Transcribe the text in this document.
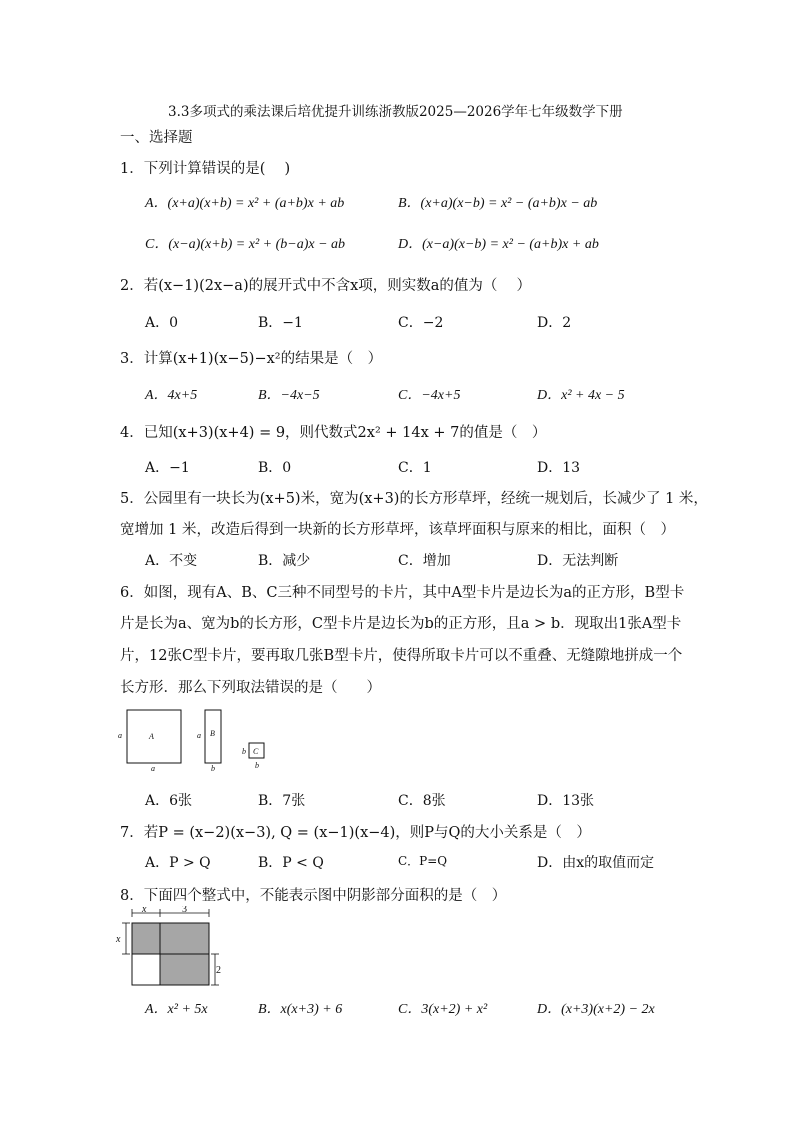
3.3多项式的乘法课后培优提升训练浙教版2025—2026学年七年级数学下册
一、选择题
1．下列计算错误的是(　 )
A．(x+a)(x+b) = x² + (a+b)x + ab	B．(x+a)(x−b) = x² − (a+b)x − ab
C．(x−a)(x+b) = x² + (b−a)x − ab	D．(x−a)(x−b) = x² − (a+b)x + ab
2．若(x−1)(2x−a)的展开式中不含x项，则实数a的值为（　 ）
A．0	B．−1	C．−2	D．2
3．计算(x+1)(x−5)−x²的结果是（　）
A．4x+5	B．−4x−5	C．−4x+5	D．x² + 4x − 5
4．已知(x+3)(x+4) = 9，则代数式2x² + 14x + 7的值是（　）
A．−1	B．0	C．1	D．13
5．公园里有一块长为(x+5)米，宽为(x+3)的长方形草坪，经统一规划后，长减少了 1 米，
宽增加 1 米，改造后得到一块新的长方形草坪，该草坪面积与原来的相比，面积（　）
A．不变	B．减少	C．增加	D．无法判断
6．如图，现有A、B、C三种不同型号的卡片，其中A型卡片是边长为a的正方形，B型卡
片是长为a、宽为b的长方形，C型卡片是边长为b的正方形，且a > b．现取出1张A型卡
片，12张C型卡片，要再取几张B型卡片，使得所取卡片可以不重叠、无缝隙地拼成一个
长方形．那么下列取法错误的是（　　）
a	A
a
a B
b
b C
b
A．6张	B．7张	C．8张	D．13张
7．若P = (x−2)(x−3), Q = (x−1)(x−4)，则P与Q的大小关系是（　）
A．P > Q	B．P < Q	C．P=Q	D．由x的取值而定
8．下面四个整式中，不能表示图中阴影部分面积的是（　）
x	3
x
2
A．x² + 5x	B．x(x+3) + 6	C．3(x+2) + x²	D．(x+3)(x+2) − 2x
